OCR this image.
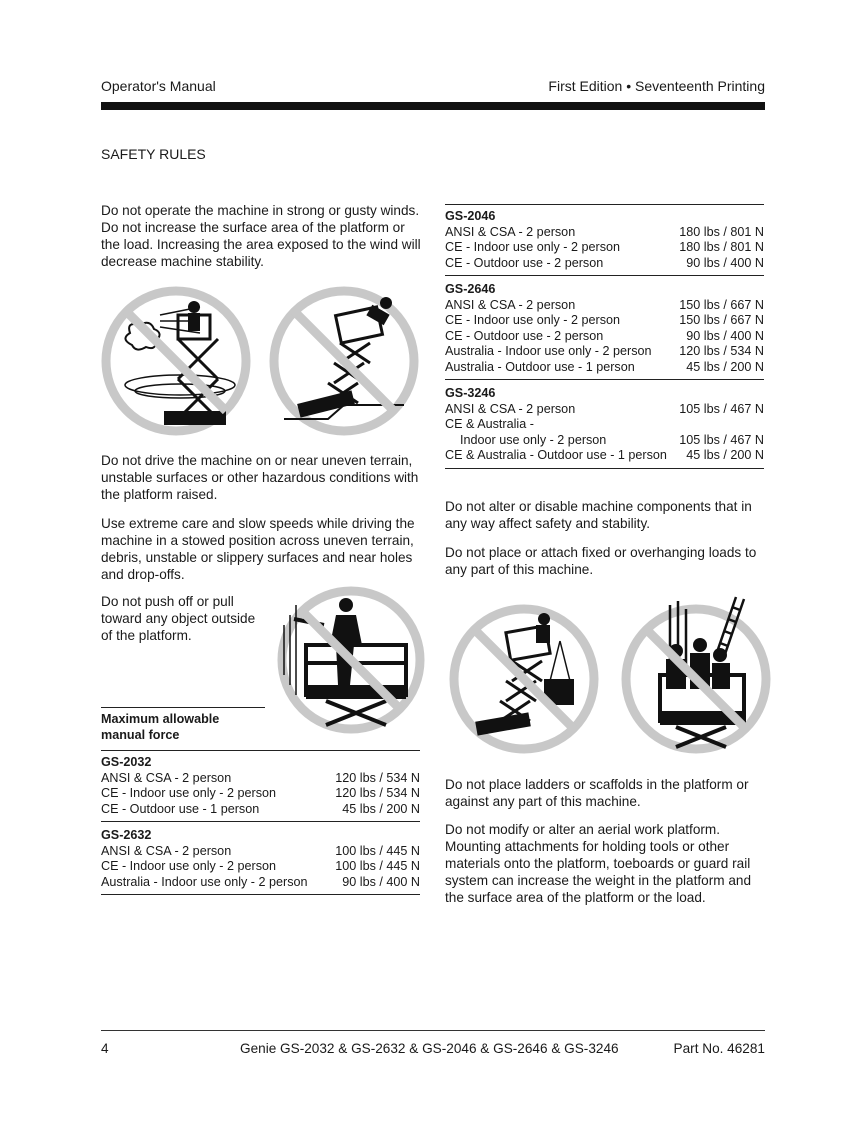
Operator's Manual	First Edition • Seventeenth Printing
SAFETY RULES

Do not operate the machine in strong or gusty winds. Do not increase the surface area of the platform or the load. Increasing the area exposed to the wind will decrease machine stability.

Do not drive the machine on or near uneven terrain, unstable surfaces or other hazardous conditions with the platform raised.

Use extreme care and slow speeds while driving the machine in a stowed position across uneven terrain, debris, unstable or slippery surfaces and near holes and drop-offs.

Do not push off or pull
toward any object outside
of the platform.
Maximum allowable
manual force
GS-2032
ANSI & CSA - 2 person	120 lbs / 534 N
CE - Indoor use only - 2 person	120 lbs / 534 N
CE - Outdoor use - 1 person	45 lbs / 200 N
GS-2632
ANSI & CSA - 2 person	100 lbs / 445 N
CE - Indoor use only - 2 person	100 lbs / 445 N
Australia - Indoor use only - 2 person	90 lbs / 400 N
GS-2046
ANSI & CSA - 2 person	180 lbs / 801 N
CE - Indoor use only - 2 person	180 lbs / 801 N
CE - Outdoor use - 2 person	90 lbs / 400 N
GS-2646
ANSI & CSA - 2 person	150 lbs / 667 N
CE - Indoor use only - 2 person	150 lbs / 667 N
CE - Outdoor use - 2 person	90 lbs / 400 N
Australia - Indoor use only - 2 person 120 lbs / 534 N
Australia - Outdoor use - 1 person	45 lbs / 200 N
GS-3246
ANSI & CSA - 2 person	105 lbs / 467 N
CE & Australia -
Indoor use only - 2 person	105 lbs / 467 N
CE & Australia - Outdoor use - 1 person 45 lbs / 200 N

Do not alter or disable machine components that in any way affect safety and stability.

Do not place or attach fixed or overhanging loads to any part of this machine.

Do not place ladders or scaffolds in the platform or against any part of this machine.

Do not modify or alter an aerial work platform. Mounting attachments for holding tools or other materials onto the platform, toeboards or guard rail system can increase the weight in the platform and the surface area of the platform or the load.

4	Genie GS-2032 & GS-2632 & GS-2046 & GS-2646 & GS-3246	Part No. 46281
